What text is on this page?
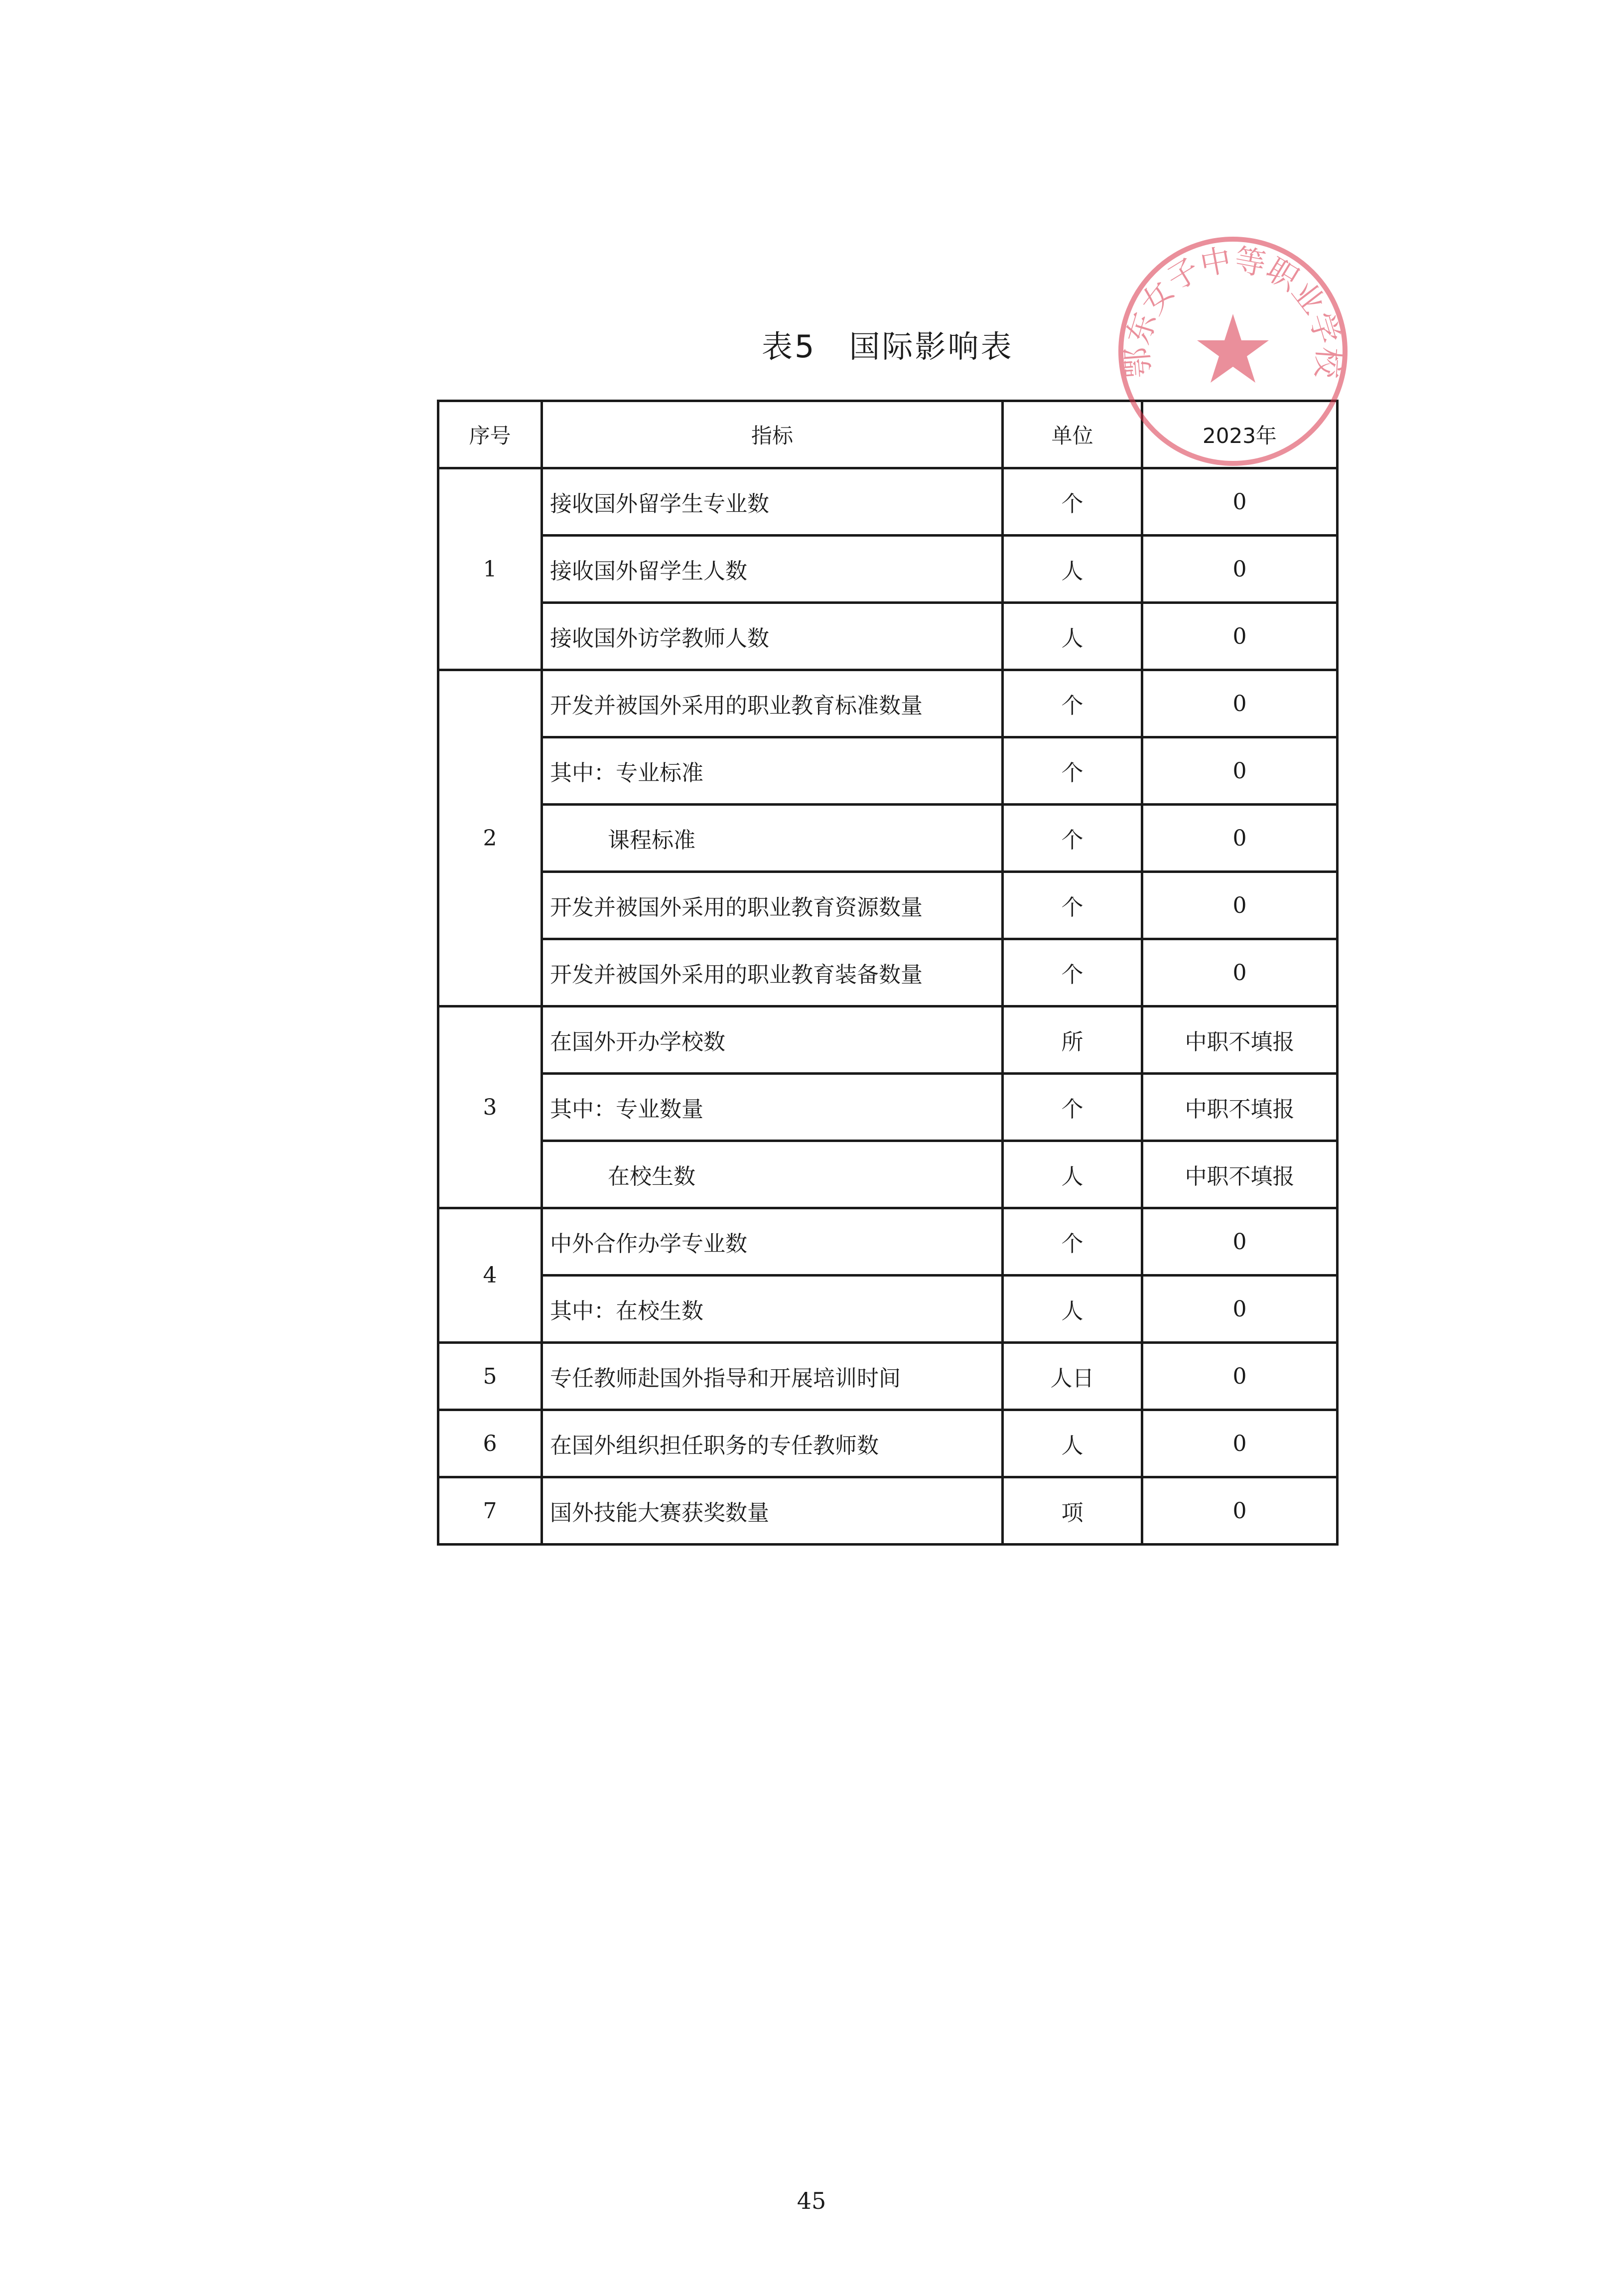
表5　国际影响表
序号	指标	单位	2023年
1	接收国外留学生专业数	个	0
	接收国外留学生人数	人	0
	接收国外访学教师人数	人	0
2	开发并被国外采用的职业教育标准数量	个	0
	其中：专业标准	个	0
	课程标准	个	0
	开发并被国外采用的职业教育资源数量	个	0
	开发并被国外采用的职业教育装备数量	个	0
3	在国外开办学校数	所	中职不填报
	其中：专业数量	个	中职不填报
	在校生数	人	中职不填报
4	中外合作办学专业数	个	0
	其中：在校生数	人	0
5	专任教师赴国外指导和开展培训时间	人日	0
6	在国外组织担任职务的专任教师数	人	0
7	国外技能大赛获奖数量	项	0
鄂东女子中等职业学校
45
